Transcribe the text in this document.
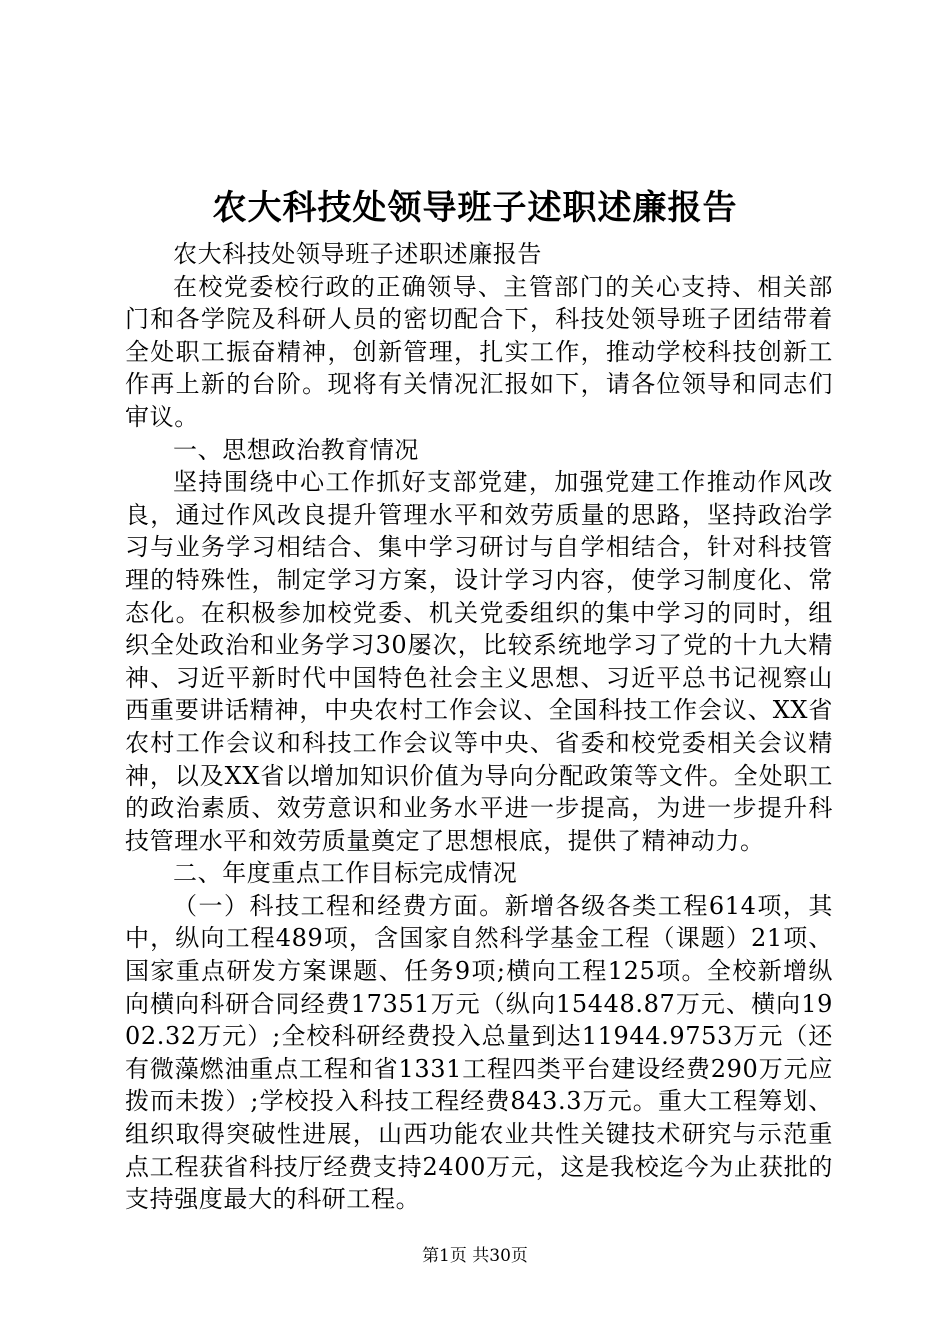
农大科技处领导班子述职述廉报告

农大科技处领导班子述职述廉报告

在校党委校行政的正确领导、主管部门的关心支持、相关部门和各学院及科研人员的密切配合下，科技处领导班子团结带着全处职工振奋精神，创新管理，扎实工作，推动学校科技创新工作再上新的台阶。现将有关情况汇报如下，请各位领导和同志们审议。

一、思想政治教育情况

坚持围绕中心工作抓好支部党建，加强党建工作推动作风改良，通过作风改良提升管理水平和效劳质量的思路，坚持政治学习与业务学习相结合、集中学习研讨与自学相结合，针对科技管理的特殊性，制定学习方案，设计学习内容，使学习制度化、常态化。在积极参加校党委、机关党委组织的集中学习的同时，组织全处政治和业务学习30屡次，比较系统地学习了党的十九大精神、习近平新时代中国特色社会主义思想、习近平总书记视察山西重要讲话精神，中央农村工作会议、全国科技工作会议、XX省农村工作会议和科技工作会议等中央、省委和校党委相关会议精神，以及XX省以增加知识价值为导向分配政策等文件。全处职工的政治素质、效劳意识和业务水平进一步提高，为进一步提升科技管理水平和效劳质量奠定了思想根底，提供了精神动力。

二、年度重点工作目标完成情况

（一）科技工程和经费方面。新增各级各类工程614项，其中，纵向工程489项，含国家自然科学基金工程（课题）21项、国家重点研发方案课题、任务9项;横向工程125项。全校新增纵向横向科研合同经费17351万元（纵向15448.87万元、横向1902.32万元）;全校科研经费投入总量到达11944.9753万元（还有微藻燃油重点工程和省1331工程四类平台建设经费290万元应拨而未拨）;学校投入科技工程经费843.3万元。重大工程筹划、组织取得突破性进展，山西功能农业共性关键技术研究与示范重点工程获省科技厅经费支持2400万元，这是我校迄今为止获批的支持强度最大的科研工程。

第1页 共30页
